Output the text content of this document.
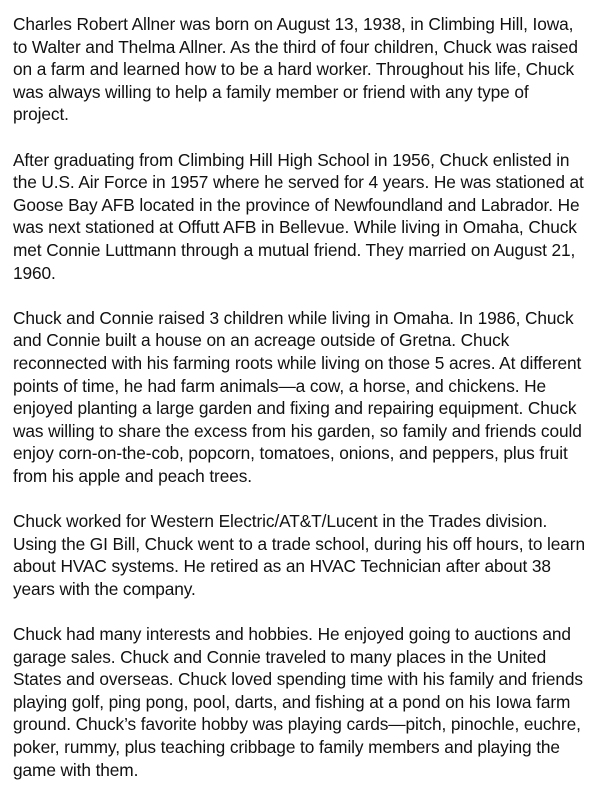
Charles Robert Allner was born on August 13, 1938, in Climbing Hill, Iowa, to Walter and Thelma Allner. As the third of four children, Chuck was raised on a farm and learned how to be a hard worker. Throughout his life, Chuck was always willing to help a family member or friend with any type of project.

After graduating from Climbing Hill High School in 1956, Chuck enlisted in the U.S. Air Force in 1957 where he served for 4 years. He was stationed at Goose Bay AFB located in the province of Newfoundland and Labrador. He was next stationed at Offutt AFB in Bellevue. While living in Omaha, Chuck met Connie Luttmann through a mutual friend. They married on August 21, 1960.

Chuck and Connie raised 3 children while living in Omaha. In 1986, Chuck and Connie built a house on an acreage outside of Gretna. Chuck reconnected with his farming roots while living on those 5 acres. At different points of time, he had farm animals—a cow, a horse, and chickens. He enjoyed planting a large garden and fixing and repairing equipment. Chuck was willing to share the excess from his garden, so family and friends could enjoy corn-on-the-cob, popcorn, tomatoes, onions, and peppers, plus fruit from his apple and peach trees.

Chuck worked for Western Electric/AT&T/Lucent in the Trades division. Using the GI Bill, Chuck went to a trade school, during his off hours, to learn about HVAC systems. He retired as an HVAC Technician after about 38 years with the company.

Chuck had many interests and hobbies. He enjoyed going to auctions and garage sales. Chuck and Connie traveled to many places in the United States and overseas. Chuck loved spending time with his family and friends playing golf, ping pong, pool, darts, and fishing at a pond on his Iowa farm ground. Chuck’s favorite hobby was playing cards—pitch, pinochle, euchre, poker, rummy, plus teaching cribbage to family members and playing the game with them.
